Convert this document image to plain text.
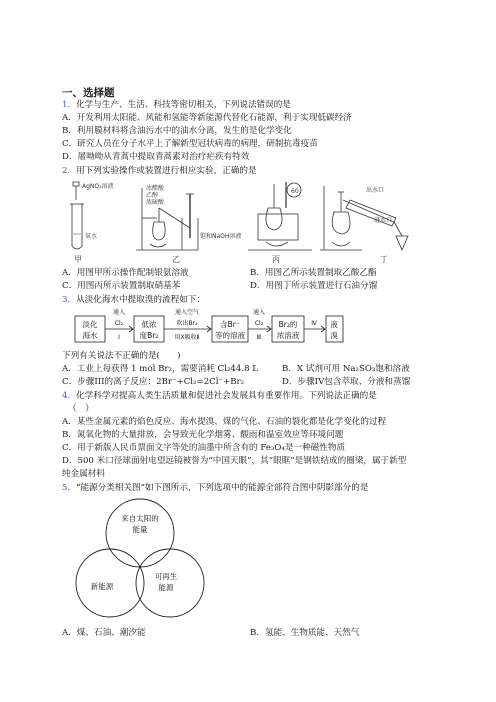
一、选择题
1．化学与生产、生活、科技等密切相关，下列说法错误的是
A．开发利用太阳能、风能和氢能等新能源代替化石能源，利于实现低碳经济
B．利用膜材料将含油污水中的油水分离，发生的是化学变化
C．研究人员在分子水平上了解新型冠状病毒的病理，研制抗毒疫苗
D．屠呦呦从青蒿中提取青蒿素对治疗疟疾有特效
2．用下列实验操作或装置进行相应实验，正确的是
AgNO₃溶液
氨水
甲
冰醋酸
乙醇
浓硫酸
饱和NaOH溶液
乙
60
丙
出水口
进水口
丁
A．用图甲所示操作配制银氨溶液	B．用图乙所示装置制取乙酸乙酯
C．用图丙所示装置制取硝基苯	D．用图丁所示装置进行石油分馏
3．从淡化海水中提取溴的流程如下：
淡化
海水
低浓
度Br₂
含Br⁻
等的溶液
Br₂的
浓溶液
液
溴
通入
Cl₂
Ⅰ
通入空气
吹出Br₂
用X吸收Ⅱ
通入
Cl₂
Ⅲ
Ⅳ
下列有关说法不正确的是(　　)
A．工业上每获得 1 mol Br₂，需要消耗 Cl₂44.8 L	B．X 试剂可用 Na₂SO₃饱和溶液
C．步骤III的离子反应：2Br⁻+Cl₂=2Cl⁻+Br₂	D．步骤IV包含萃取、分液和蒸馏
4．化学科学对提高人类生活质量和促进社会发展具有重要作用。下列说法正确的是
（　）
A．某些金属元素的焰色反应、海水提溴、煤的气化、石油的裂化都是化学变化的过程
B．氮氧化物的大量排放，会导致光化学烟雾、酸雨和温室效应等环境问题
C．用于新版人民币票面文字等处的油墨中所含有的 Fe₃O₄是一种磁性物质
D．500 米口径球面射电望远镜被誉为“中国天眼”，其“眼眶”是钢铁结成的圈梁，属于新型
纯金属材料
5．“能源分类相关图”如下图所示，下列选项中的能源全部符合图中阴影部分的是
来自太阳的
能量
新能源
可再生
能源
A．煤、石油、潮汐能	B．氢能、生物质能、天然气
